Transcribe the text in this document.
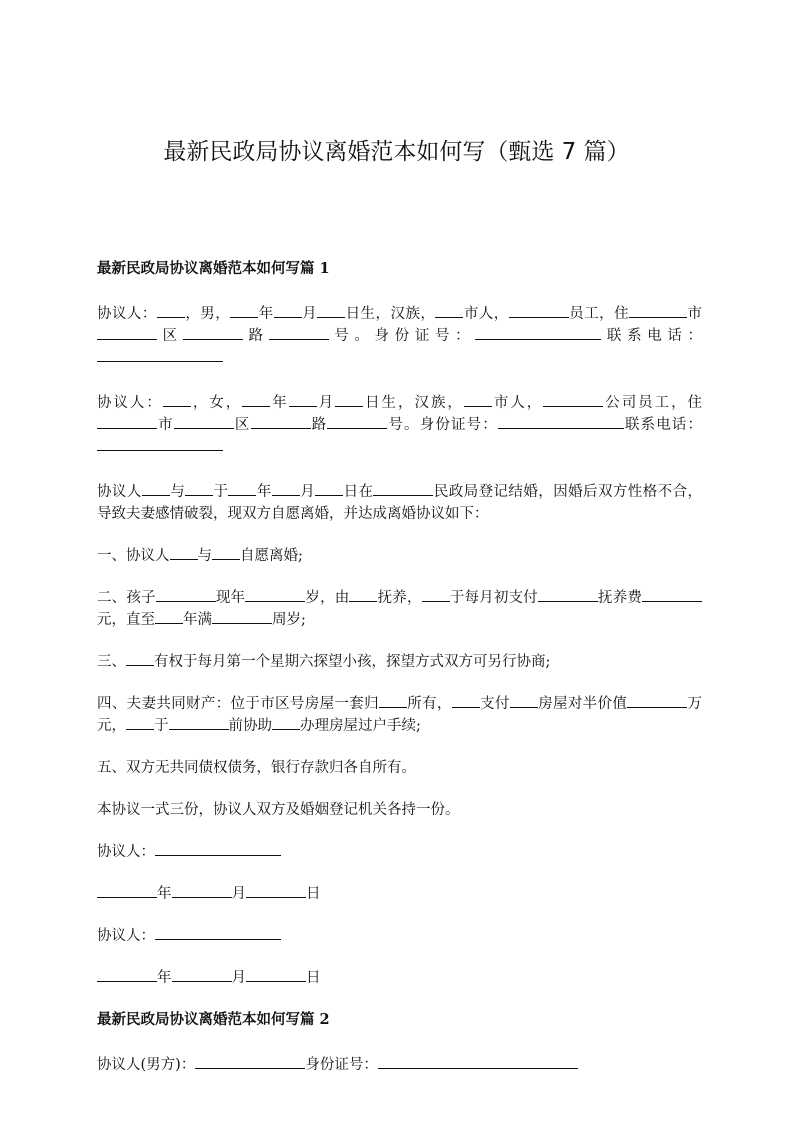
最新民政局协议离婚范本如何写（甄选 7 篇）

最新民政局协议离婚范本如何写篇 1

协议人： ，男， 年 月 日生，汉族， 市人，	员工，住	市区	路	号。身份证号：	联系电话：

协议人： ，女， 年 月 日生，汉族， 市人，	公司员工，住市	区	路	号。身份证号：	联系电话：

协议人 与 于 年 月 日在	民政局登记结婚，因婚后双方性格不合，导致夫妻感情破裂，现双方自愿离婚，并达成离婚协议如下：

一、协议人 与 自愿离婚;

二、孩子	现年	岁，由 抚养， 于每月初支付	抚养费元，直至 年满	周岁;

三、 有权于每月第一个星期六探望小孩，探望方式双方可另行协商;

四、夫妻共同财产：位于市区号房屋一套归 所有， 支付 房屋对半价值	万元， 于	前协助 办理房屋过户手续;

五、双方无共同债权债务，银行存款归各自所有。

本协议一式三份，协议人双方及婚姻登记机关各持一份。

协议人：

年	月	日

协议人：

年	月	日

最新民政局协议离婚范本如何写篇 2

协议人(男方)：	身份证号：
